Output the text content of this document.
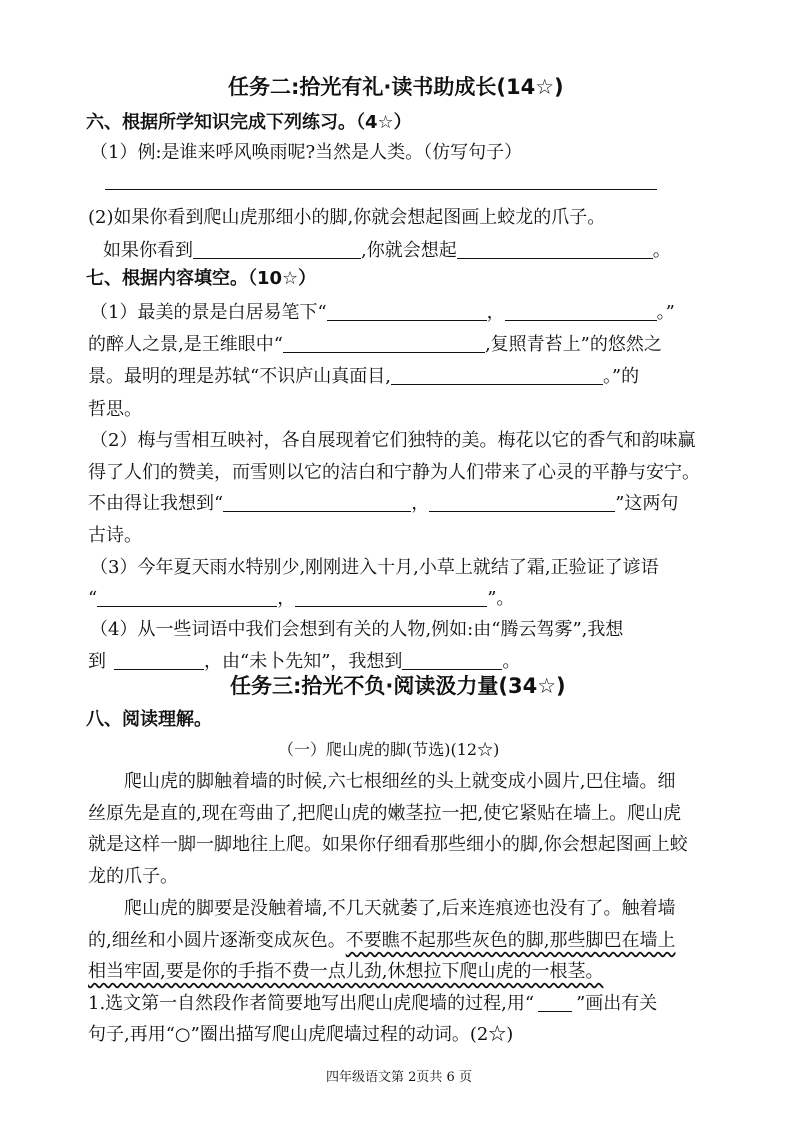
任务二:拾光有礼·读书助成长(14☆)
六、根据所学知识完成下列练习。（4☆）
（1）例:是谁来呼风唤雨呢?当然是人类。（仿写句子）
(2)如果你看到爬山虎那细小的脚,你就会想起图画上蛟龙的爪子。
如果你看到	,你就会想起	。
七、根据内容填空。（10☆）
（1）最美的景是白居易笔下“	，	。”
的醉人之景,是王维眼中“	,复照青苔上”的悠然之
景。最明的理是苏轼“不识庐山真面目,	。”的
哲思。
（2）梅与雪相互映衬，各自展现着它们独特的美。梅花以它的香气和韵味赢
得了人们的赞美，而雪则以它的洁白和宁静为人们带来了心灵的平静与安宁。
不由得让我想到“	，	”这两句
古诗。
（3）今年夏天雨水特别少,刚刚进入十月,小草上就结了霜,正验证了谚语
“	，	”。
（4）从一些词语中我们会想到有关的人物,例如:由“腾云驾雾”,我想
到	，由“未卜先知”，我想到	。
任务三:拾光不负·阅读汲力量(34☆)
八、阅读理解。
（一）爬山虎的脚(节选)(12☆)
爬山虎的脚触着墙的时候,六七根细丝的头上就变成小圆片,巴住墙。细
丝原先是直的,现在弯曲了,把爬山虎的嫩茎拉一把,使它紧贴在墙上。爬山虎
就是这样一脚一脚地往上爬。如果你仔细看那些细小的脚,你会想起图画上蛟
龙的爪子。
爬山虎的脚要是没触着墙,不几天就萎了,后来连痕迹也没有了。触着墙
的,细丝和小圆片逐渐变成灰色。不要瞧不起那些灰色的脚,那些脚巴在墙上
相当牢固,要是你的手指不费一点儿劲,休想拉下爬山虎的一根茎。
1.选文第一自然段作者简要地写出爬山虎爬墙的过程,用“ ”画出有关
句子,再用“○”圈出描写爬山虎爬墙过程的动词。(2☆)
四年级语文第 2页共 6 页
